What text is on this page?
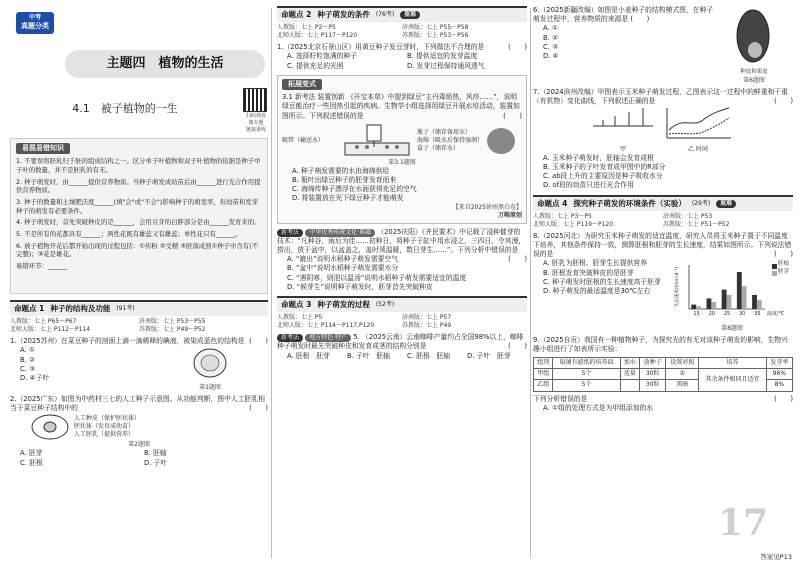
中考
真题分类
主题四　植物的生活
4.1　被子植物的一生
扫码观看
微专题
链接重练
易混易错知识

1. 不要误将胚乳归于胚的组成结构之一。区分单子叶植物和双子叶植物的依据是种子中子叶的数量，并不是胚乳的有无。

2. 种子萌发时，由______提供营养物质。当种子萌发成幼苗后由______进行光合作用提供营养物质。

3. 种子的数量和土壤肥沃度______(填"会"或"不会")影响种子的萌发率，但幼苗和发芽种子的萌发有必要条件。

4. 种子萌发时，首先突破种皮的是______，会用豆芽的白胖部分是由______发育来的。

5. 不是所有的花都具有______；两性花既有雄蕊又有雌蕊；单性花只有______。

6. 被子植物开花后都开始出现的过程包括：①传粉 ②受精 ③胚落成熟①种子中含有(不完整)；③花是雄花。

易错环节：______

命题点 1 种子的结构及功能 (91考)
人教版：七上 P65～P67	济南版：七上 P53～P55
北师大版：七上 P112～P114	苏教版：七上 P49～P52
1.（2025苏州）在菜豆种子的剖面上滴一滴稀释的碘液，被染成蓝色的结构是 (　　)
A. ①
B. ②
C. ③
D. ④子叶
第1题图
2.（2025广东）如图为中药材三七的人工种子示意图。从功能判断，图中人工胚乳相当于菜豆种子结构中的	(　　)
人工种皮（保护胚状体）
胚状体（发育成幼苗）
人工胚乳（提供营养）
第2题图
A. 胚芽	B. 胚轴
C. 胚根	D. 子叶
命题点 2 种子萌发的条件 (76考)	重难
人教版：七上 P2～P5	济南版：七上 P55～P58
北师大版：七上 P117～P120	苏教版：七上 P53～P56
1.（2025北京石景山区）用黄豆种子发豆芽时，下列做法不合理的是	(　　)
A. 选择籽粒饱满的种子	B. 提供适宜的发芽温度
C. 提供充足的光照	D. 发芽过程保持通风透气
拓展变式
3.1 新考法 装置创新 《开宝本草》中提到绿豆“主丹毒烦热，风疹……”，说明绿豆能治疗一些因热引起的疾病。生物学小组选择用绿豆开展水培活动，装置如图所示。下列叙述错误的是	(　　)
吸管（输送水）
瓶子（储存备用水）
海绵（吸水后保持湿润）
盒子（储存水）
第3.1题图
A. 种子萌发需要的水由海绵供给
B. 瓶叶出绿豆种子的胚芽发育而来
C. 海绵传种子漂浮在水面获得充足的空气
D. 将装置放在光下绿豆种子才能萌发
【来自2025徐州黑白卷】
万唯原创
新考法 中华优秀传统文化·典籍 （2025庆阳）《齐民要术》中记载了浸种催芽的技术：“凡种谷，雨后为佳……初种日，将种子于缸中用水浸之，三四日，令其漫，捞出，放于盆中，以盆盖之，盖时须温暖，数日芽生……”。下列分析中错误的是
(　　)
A. “漉出”说明水稻种子萌发需要空气
B. “盆中”说明水稻种子萌发需要水分
C. “遇阴寒，则浥以温汤”说明水稻种子萌发需要适宜的温度
D. “候芽生”说明种子萌发时，胚芽首先突破种皮
命题点 3 种子萌发的过程 (52考)
人教版：七上 P5	济南版：七上 P57
北师大版：七上 P114～P117,P120	苏教版：七上 P49
新考法 地方特色·特产 5. （2025云南）云南咖啡产量约占全国98%以上，咖啡种子萌发时最先突破种皮和发育成茎的结构分别是	(　　)
A. 胚根　胚芽	B. 子叶　胚轴	C. 胚根　胚轴	D. 子叶　胚芽
6.（2025新疆改编）如图是小麦种子的结构模式图，在种子萌发过程中，营养物质的来源是 (　　)
A. ①
B. ②
C. ③
D. ④
种皮和果皮
第6题图
7.（2024滨州改编）甲图表示玉米种子萌发过程，乙图表示这一过程中的鲜重和干重（有机物）变化曲线，下列叙述正确的是	(　　)
甲	乙 时间
A. 玉米种子萌发时，胚轴会发育成根
B. 玉米种子的子叶发育成甲图中的R部分
C. ab段上升的主要原因是种子吸收水分
D. of段的幼苗只进行光合作用
命题点 4 探究种子萌发的环境条件（实验） (29考)	重难
人教版：七上 P3～P5	济南版：七上 P53
北师大版：七上 P119～P120	苏教版：七上 P51～P52
8.（2025河北）为研究玉米种子萌发的适宜温度，研究人员将玉米种子置于不同温度下培养，其他条件保持一致，测算胚根和胚芽的生长速度，结果如图所示。下列说法错误的是	(　　)
A. 胚乳为胚根、胚芽生长提供营养
B. 胚根发育突破种皮的是胚芽
C. 种子萌发时胚根的生长速度高于胚芽
D. 种子萌发的最适温度是30℃左右
15 20 25 30 35 温度/℃
生长速度/(mm·d⁻¹)
胚根
胚芽
第8题图
9.（2025自贡）我国有一种植物种子，为探究光的有无对该种子萌发的影响，生物兴趣小组进行了如表所示实验：
组别	取铺有滤纸的培养皿	加水	放种子	设置对照	培养	发芽率
甲组	5个	适量	30粒	①	其余条件相同且适宜	96%
乙组	5个		30粒	黑暗		8%
下列分析错误的是	(　　)
A. ①组的处理方式是为甲组添加的水
17
答案见P13
